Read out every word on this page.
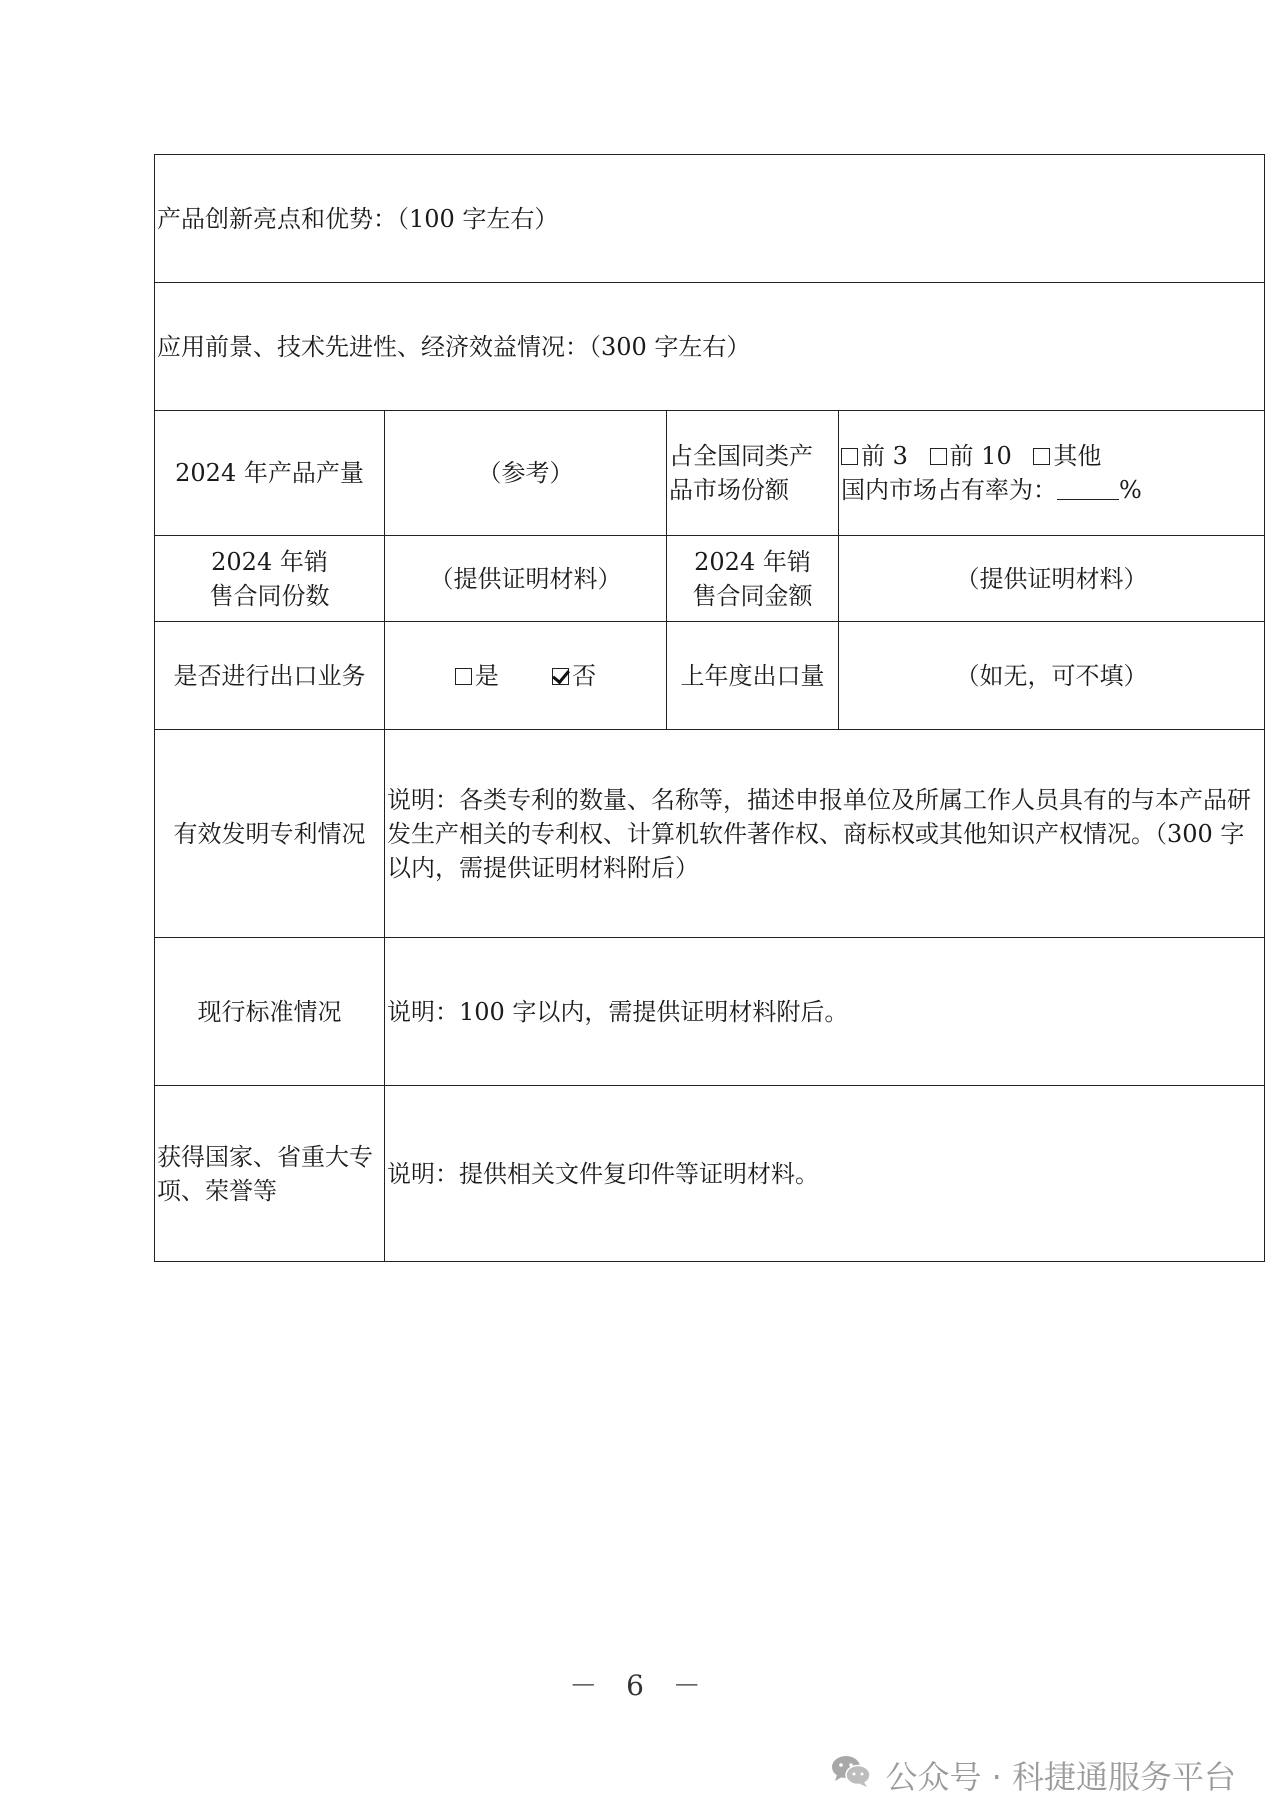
产品创新亮点和优势：（100 字左右）			
应用前景、技术先进性、经济效益情况：（300 字左右）			
2024 年产品产量	（参考）	占全国同类产品市场份额	前 3 前 10 其他
国内市场占有率为： %

2024 年销售合同份数	（提供证明材料）	2024 年销售合同金额	（提供证明材料）
是否进行出口业务	是 否	上年度出口量	（如无，可不填）
有效发明专利情况	说明：各类专利的数量、名称等，描述申报单位及所属工作人员具有的与本产品研发生产相关的专利权、计算机软件著作权、商标权或其他知识产权情况。（300 字以内，需提供证明材料附后）		
现行标准情况	说明：100 字以内，需提供证明材料附后。		
获得国家、省重大专项、荣誉等	说明：提供相关文件复印件等证明材料。		
－ 6 －
公众号 · 科捷通服务平台
